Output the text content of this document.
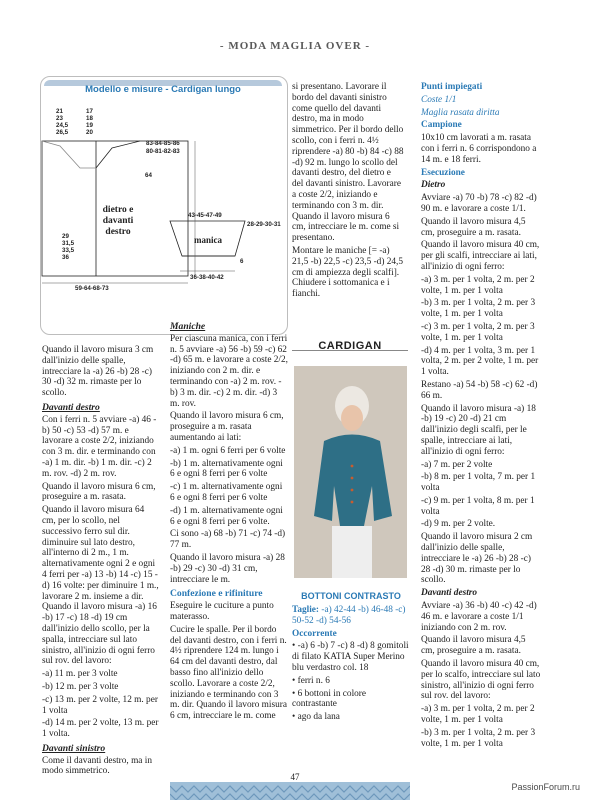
- MODA MAGLIA OVER -
Modello e misure - Cardigan lungo
21
23
24,5
26,5
17
18
19
20
83-84-85-86
80-81-82-83
64
29
31,5
33,5
36
dietro e davanti destro
59-64-68-73
43-45-47-49
manica
28-29-30-31
6
36-38-40-42

Quando il lavoro misura 3 cm dall'inizio delle spalle, intrecciare la -a) 26 -b) 28 -c) 30 -d) 32 m. rimaste per lo scollo.

Davanti destro

Con i ferri n. 5 avviare -a) 46 -b) 50 -c) 53 -d) 57 m. e lavorare a coste 2/2, iniziando con 3 m. dir. e terminando con -a) 1 m. dir. -b) 1 m. dir. -c) 2 m. rov. -d) 2 m. rov.

Quando il lavoro misura 6 cm, proseguire a m. rasata.

Quando il lavoro misura 64 cm, per lo scollo, nel successivo ferro sul dir. diminuire sul lato destro, all'interno di 2 m., 1 m. alternativamente ogni 2 e ogni 4 ferri per -a) 13 -b) 14 -c) 15 -d) 16 volte: per diminuire 1 m., lavorare 2 m. insieme a dir. Quando il lavoro misura -a) 16 -b) 17 -c) 18 -d) 19 cm dall'inizio dello scollo, per la spalla, intrecciare sul lato sinistro, all'inizio di ogni ferro sul rov. del lavoro:

-a) 11 m. per 3 volte

-b) 12 m. per 3 volte

-c) 13 m. per 2 volte, 12 m. per 1 volta

-d) 14 m. per 2 volte, 13 m. per 1 volta.

Davanti sinistro

Come il davanti destro, ma in modo simmetrico.

Maniche

Per ciascuna manica, con i ferri n. 5 avviare -a) 56 -b) 59 -c) 62 -d) 65 m. e lavorare a coste 2/2, iniziando con 2 m. dir. e terminando con -a) 2 m. rov. -b) 3 m. dir. -c) 2 m. dir. -d) 3 m. rov.

Quando il lavoro misura 6 cm, proseguire a m. rasata aumentando ai lati:

-a) 1 m. ogni 6 ferri per 6 volte

-b) 1 m. alternativamente ogni 6 e ogni 8 ferri per 6 volte

-c) 1 m. alternativamente ogni 6 e ogni 8 ferri per 6 volte

-d) 1 m. alternativamente ogni 6 e ogni 8 ferri per 6 volte.

Ci sono -a) 68 -b) 71 -c) 74 -d) 77 m.

Quando il lavoro misura -a) 28 -b) 29 -c) 30 -d) 31 cm, intrecciare le m.

Confezione e rifiniture

Eseguire le cuciture a punto materasso.

Cucire le spalle. Per il bordo del davanti destro, con i ferri n. 4½ riprendere 124 m. lungo i 64 cm del davanti destro, dal basso fino all'inizio dello scollo. Lavorare a coste 2/2, iniziando e terminando con 3 m. dir. Quando il lavoro misura 6 cm, intrecciare le m. come

si presentano. Lavorare il bordo del davanti sinistro come quello del davanti destro, ma in modo simmetrico. Per il bordo dello scollo, con i ferri n. 4½ riprendere -a) 80 -b) 84 -c) 88 -d) 92 m. lungo lo scollo del davanti destro, del dietro e del davanti sinistro. Lavorare a coste 2/2, iniziando e terminando con 3 m. dir. Quando il lavoro misura 6 cm, intrecciare le m. come si presentano.

Montare le maniche [= -a) 21,5 -b) 22,5 -c) 23,5 -d) 24,5 cm di ampiezza degli scalfi]. Chiudere i sottomanica e i fianchi.

CARDIGAN
BOTTONI CONTRASTO

Taglie: -a) 42-44 -b) 46-48 -c) 50-52 -d) 54-56

Occorrente

• -a) 6 -b) 7 -c) 8 -d) 8 gomitoli di filato KATIA Super Merino blu verdastro col. 18

• ferri n. 6

• 6 bottoni in colore contrastante

• ago da lana

Punti impiegati

Coste 1/1

Maglia rasata diritta

Campione

10x10 cm lavorati a m. rasata con i ferri n. 6 corrispondono a 14 m. e 18 ferri.

Esecuzione

Dietro

Avviare -a) 70 -b) 78 -c) 82 -d) 90 m. e lavorare a coste 1/1.

Quando il lavoro misura 4,5 cm, proseguire a m. rasata.

Quando il lavoro misura 40 cm, per gli scalfi, intrecciare ai lati, all'inizio di ogni ferro:

-a) 3 m. per 1 volta, 2 m. per 2 volte, 1 m. per 1 volta

-b) 3 m. per 1 volta, 2 m. per 3 volte, 1 m. per 1 volta

-c) 3 m. per 1 volta, 2 m. per 3 volte, 1 m. per 1 volta

-d) 4 m. per 1 volta, 3 m. per 1 volta, 2 m. per 2 volte, 1 m. per 1 volta.

Restano -a) 54 -b) 58 -c) 62 -d) 66 m.

Quando il lavoro misura -a) 18 -b) 19 -c) 20 -d) 21 cm dall'inizio degli scalfi, per le spalle, intrecciare ai lati, all'inizio di ogni ferro:

-a) 7 m. per 2 volte

-b) 8 m. per 1 volta, 7 m. per 1 volta

-c) 9 m. per 1 volta, 8 m. per 1 volta

-d) 9 m. per 2 volte.

Quando il lavoro misura 2 cm dall'inizio delle spalle, intrecciare le -a) 26 -b) 28 -c) 28 -d) 30 m. rimaste per lo scollo.

Davanti destro

Avviare -a) 36 -b) 40 -c) 42 -d) 46 m. e lavorare a coste 1/1 iniziando con 2 m. rov.

Quando il lavoro misura 4,5 cm, proseguire a m. rasata.

Quando il lavoro misura 40 cm, per lo scalfo, intrecciare sul lato sinistro, all'inizio di ogni ferro sul rov. del lavoro:

-a) 3 m. per 1 volta, 2 m. per 2 volte, 1 m. per 1 volta

-b) 3 m. per 1 volta, 2 m. per 3 volte, 1 m. per 1 volta

47
PassionForum.ru
